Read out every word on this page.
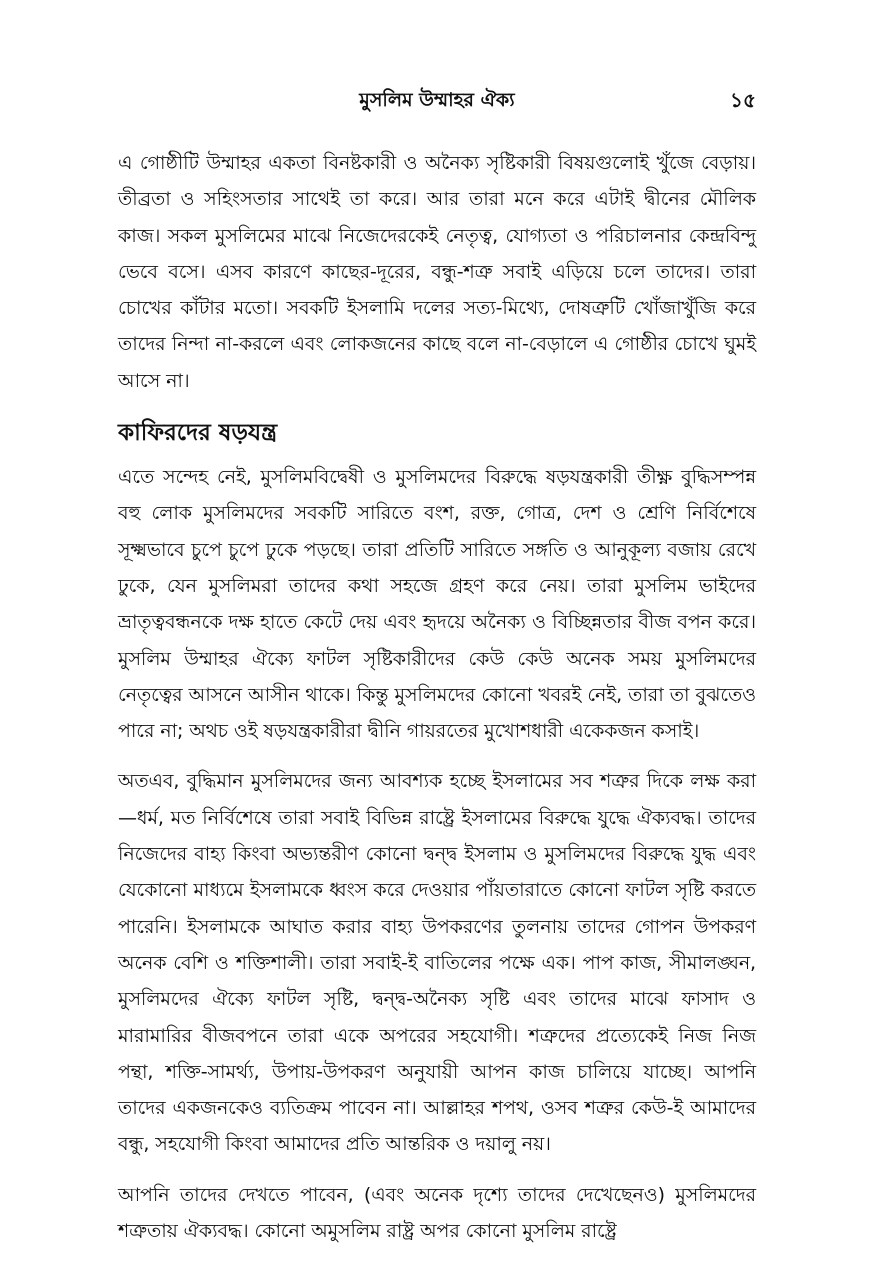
মুসলিম উম্মাহর ঐক্য	১৫

এ গোষ্ঠীটি উম্মাহর একতা বিনষ্টকারী ও অনৈক্য সৃষ্টিকারী বিষয়গুলোই খুঁজে বেড়ায়। তীব্রতা ও সহিংসতার সাথেই তা করে। আর তারা মনে করে এটাই দ্বীনের মৌলিক কাজ। সকল মুসলিমের মাঝে নিজেদেরকেই নেতৃত্ব, যোগ্যতা ও পরিচালনার কেন্দ্রবিন্দু ভেবে বসে। এসব কারণে কাছের-দূরের, বন্ধু-শত্রু সবাই এড়িয়ে চলে তাদের। তারা চোখের কাঁটার মতো। সবকটি ইসলামি দলের সত্য-মিথ্যে, দোষত্রুটি খোঁজাখুঁজি করে তাদের নিন্দা না-করলে এবং লোকজনের কাছে বলে না-বেড়ালে এ গোষ্ঠীর চোখে ঘুমই আসে না।

কাফিরদের ষড়যন্ত্র

এতে সন্দেহ নেই, মুসলিমবিদ্বেষী ও মুসলিমদের বিরুদ্ধে ষড়যন্ত্রকারী তীক্ষ্ণ বুদ্ধিসম্পন্ন বহু লোক মুসলিমদের সবকটি সারিতে বংশ, রক্ত, গোত্র, দেশ ও শ্রেণি নির্বিশেষে সূক্ষ্মভাবে চুপে চুপে ঢুকে পড়ছে। তারা প্রতিটি সারিতে সঙ্গতি ও আনুকূল্য বজায় রেখে ঢুকে, যেন মুসলিমরা তাদের কথা সহজে গ্রহণ করে নেয়। তারা মুসলিম ভাইদের ভ্রাতৃত্ববন্ধনকে দক্ষ হাতে কেটে দেয় এবং হৃদয়ে অনৈক্য ও বিচ্ছিন্নতার বীজ বপন করে। মুসলিম উম্মাহর ঐক্যে ফাটল সৃষ্টিকারীদের কেউ কেউ অনেক সময় মুসলিমদের নেতৃত্বের আসনে আসীন থাকে। কিন্তু মুসলিমদের কোনো খবরই নেই, তারা তা বুঝতেও পারে না; অথচ ওই ষড়যন্ত্রকারীরা দ্বীনি গায়রতের মুখোশধারী একেকজন কসাই।

অতএব, বুদ্ধিমান মুসলিমদের জন্য আবশ্যক হচ্ছে ইসলামের সব শত্রুর দিকে লক্ষ করা—ধর্ম, মত নির্বিশেষে তারা সবাই বিভিন্ন রাষ্ট্রে ইসলামের বিরুদ্ধে যুদ্ধে ঐক্যবদ্ধ। তাদের নিজেদের বাহ্য কিংবা অভ্যন্তরীণ কোনো দ্বন্দ্ব ইসলাম ও মুসলিমদের বিরুদ্ধে যুদ্ধ এবং যেকোনো মাধ্যমে ইসলামকে ধ্বংস করে দেওয়ার পাঁয়তারাতে কোনো ফাটল সৃষ্টি করতে পারেনি। ইসলামকে আঘাত করার বাহ্য উপকরণের তুলনায় তাদের গোপন উপকরণ অনেক বেশি ও শক্তিশালী। তারা সবাই-ই বাতিলের পক্ষে এক। পাপ কাজ, সীমালঙ্ঘন, মুসলিমদের ঐক্যে ফাটল সৃষ্টি, দ্বন্দ্ব-অনৈক্য সৃষ্টি এবং তাদের মাঝে ফাসাদ ও মারামারির বীজবপনে তারা একে অপরের সহযোগী। শত্রুদের প্রত্যেকেই নিজ নিজ পন্থা, শক্তি-সামর্থ্য, উপায়-উপকরণ অনুযায়ী আপন কাজ চালিয়ে যাচ্ছে। আপনি তাদের একজনকেও ব্যতিক্রম পাবেন না। আল্লাহর শপথ, ওসব শত্রুর কেউ-ই আমাদের বন্ধু, সহযোগী কিংবা আমাদের প্রতি আন্তরিক ও দয়ালু নয়।

আপনি তাদের দেখতে পাবেন, (এবং অনেক দৃশ্যে তাদের দেখেছেনও) মুসলিমদের শত্রুতায় ঐক্যবদ্ধ। কোনো অমুসলিম রাষ্ট্র অপর কোনো মুসলিম রাষ্ট্রে
